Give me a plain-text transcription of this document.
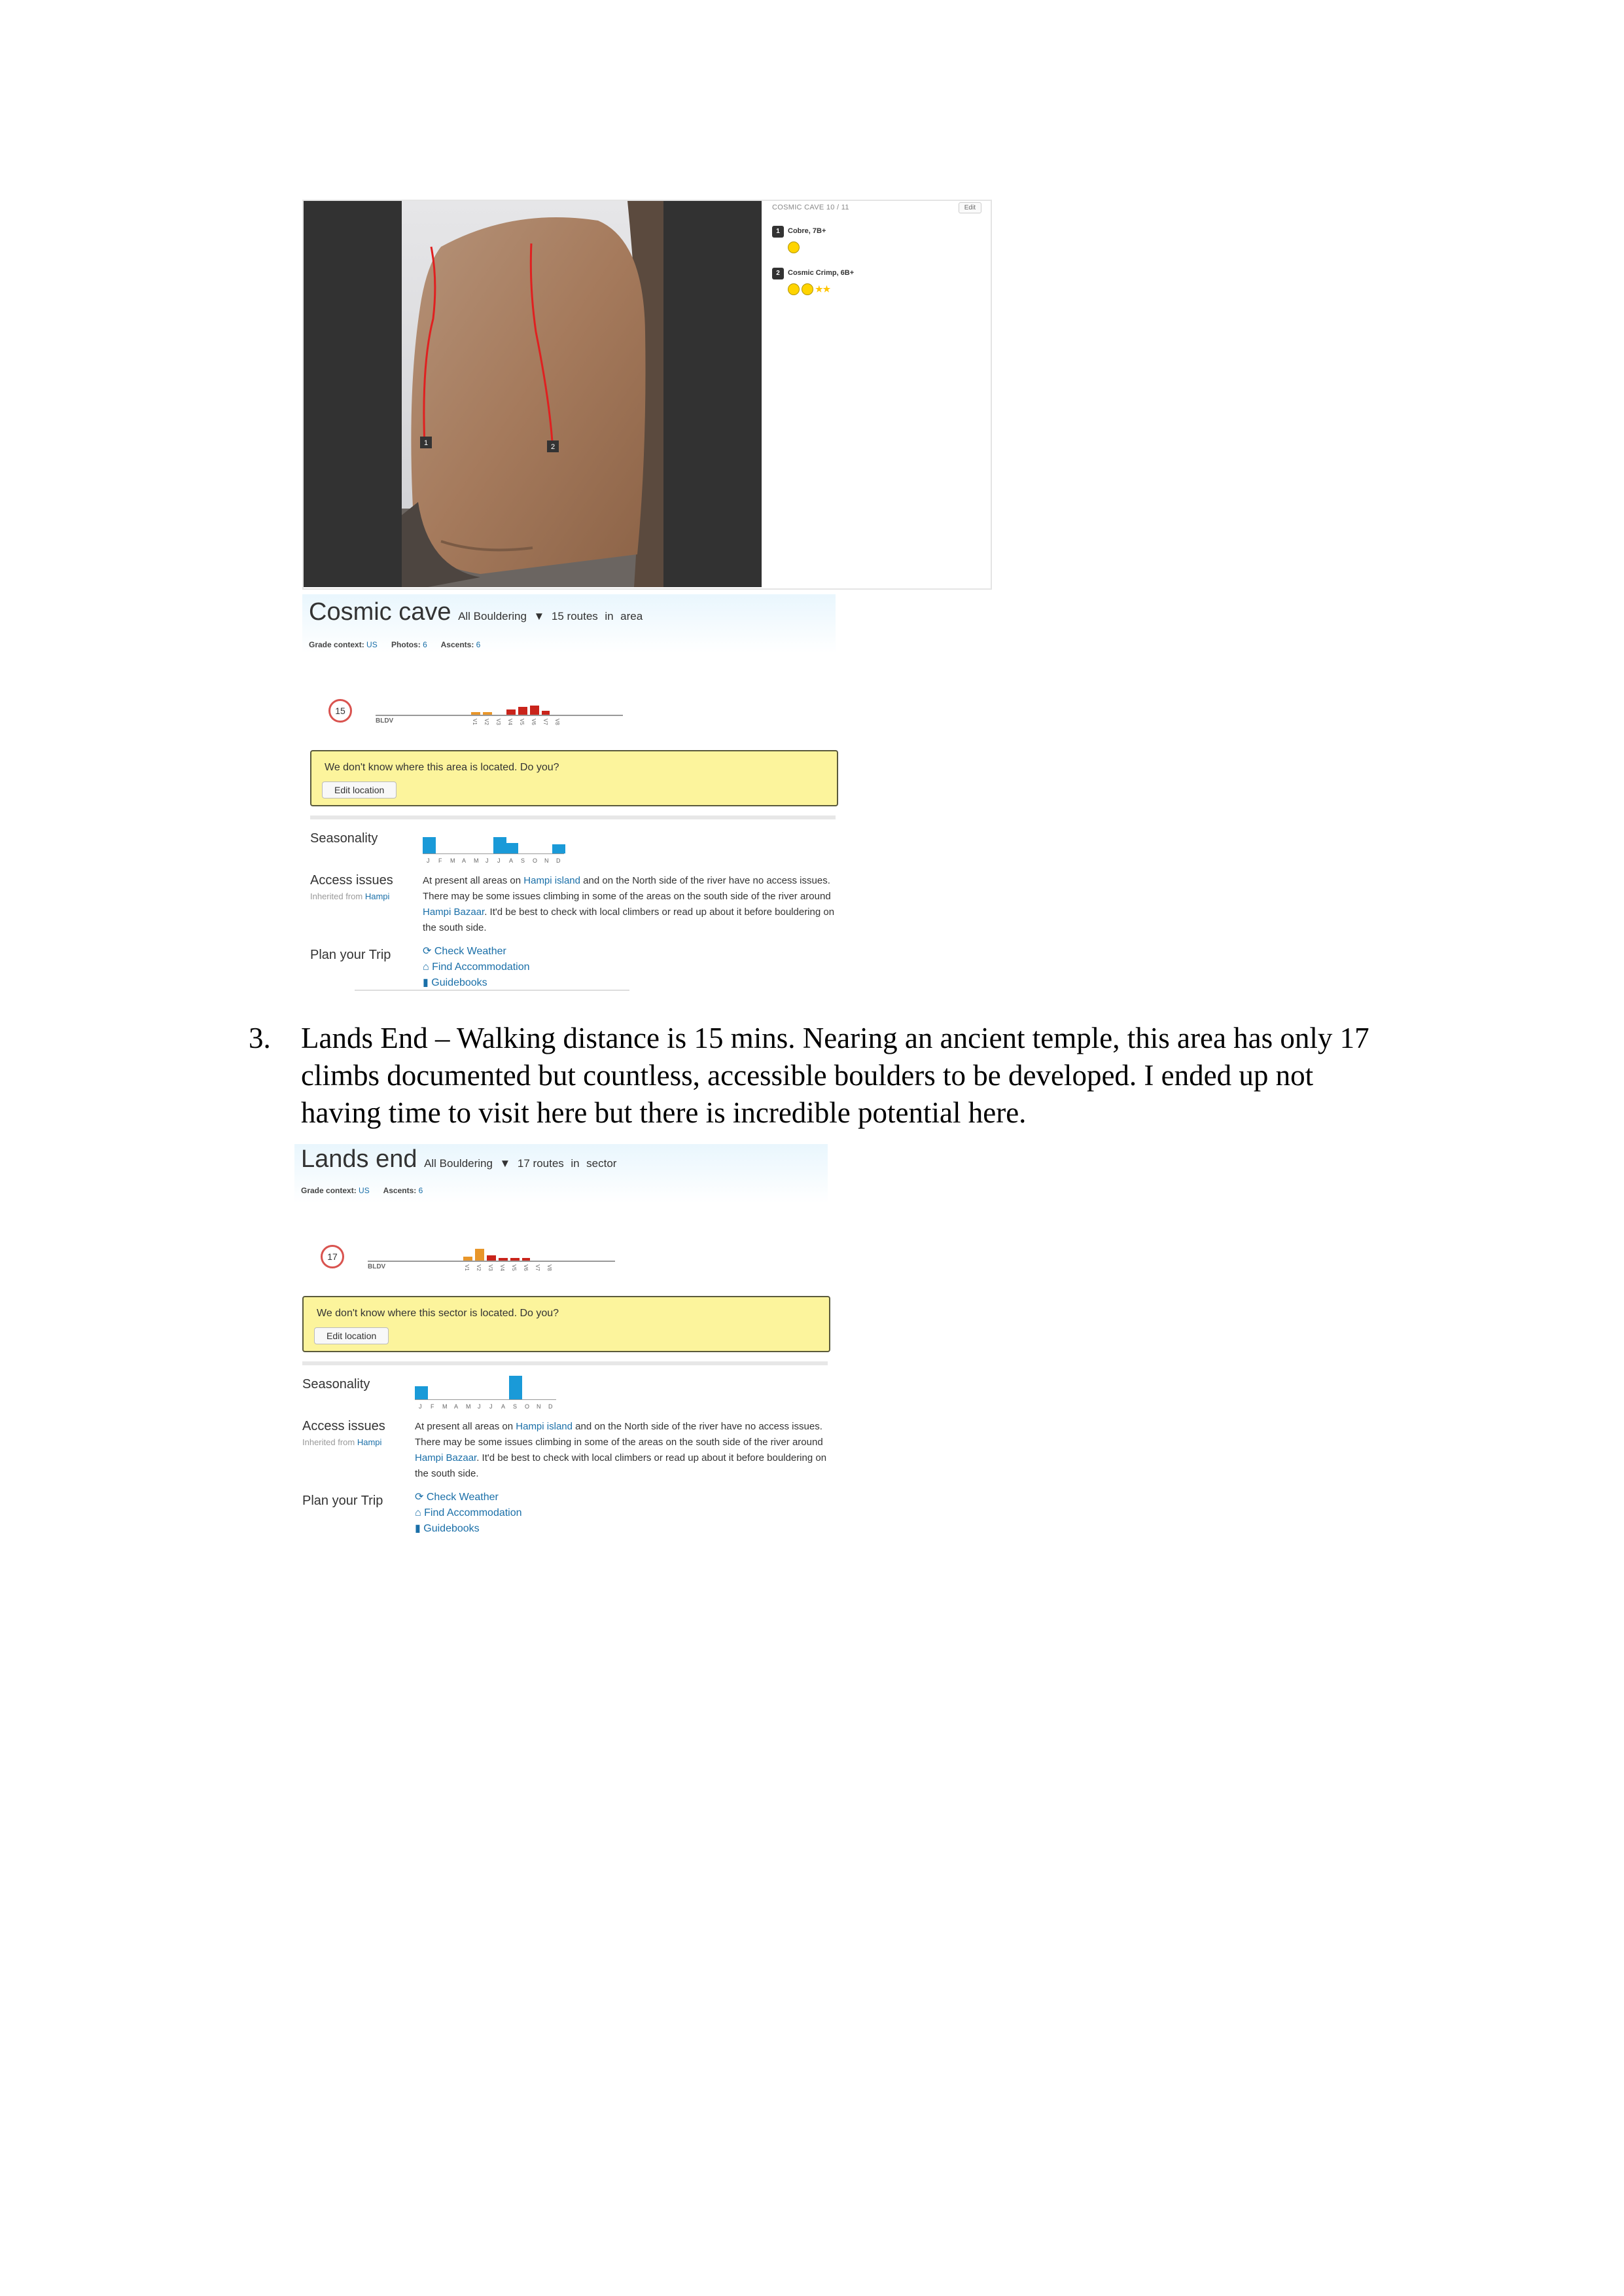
1	2
COSMIC CAVE 10 / 11	Edit
1 Cobre, 7B+
2 Cosmic Crimp, 6B+
★★
Cosmic cave All Bouldering ▼ 15 routes in area
Grade context: US Photos: 6 Ascents: 6
15
BLDV	V1 V2 V3 V4 V5 V6 V7 V8
We don't know where this area is located. Do you?
Edit location
Seasonality
J F M A M J J A S O N D
Access issues
Inherited from Hampi
At present all areas on Hampi island and on the North side of the river have no access issues. There may be some issues climbing in some of the areas on the south side of the river around Hampi Bazaar. It'd be best to check with local climbers or read up about it before bouldering on the south side.
Plan your Trip	⟳ Check Weather
⌂ Find Accommodation
▮ Guidebooks
3. Lands End – Walking distance is 15 mins. Nearing an ancient temple, this area has only 17 climbs documented but countless, accessible boulders to be developed. I ended up not having time to visit here but there is incredible potential here.
Lands end All Bouldering ▼ 17 routes in sector
Grade context: US Ascents: 6
17
BLDV	V1 V2 V3 V4 V5 V6 V7 V8
We don't know where this sector is located. Do you?
Edit location
Seasonality
J F M A M J J A S O N D
Access issues
Inherited from Hampi
At present all areas on Hampi island and on the North side of the river have no access issues. There may be some issues climbing in some of the areas on the south side of the river around Hampi Bazaar. It'd be best to check with local climbers or read up about it before bouldering on the south side.
Plan your Trip	⟳ Check Weather
⌂ Find Accommodation
▮ Guidebooks
